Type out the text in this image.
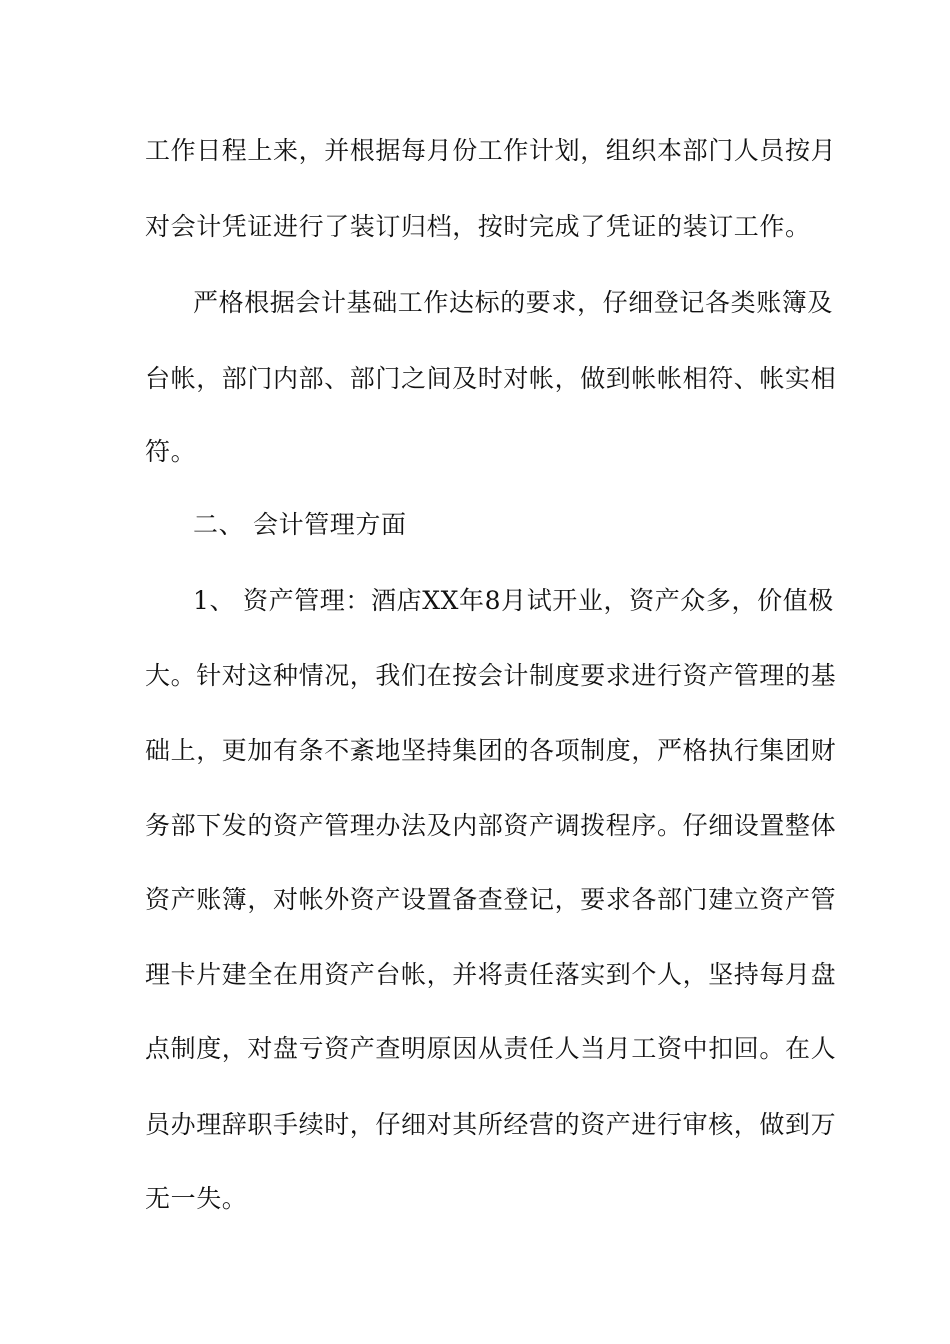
工作日程上来，并根据每月份工作计划，组织本部门人员按月
对会计凭证进行了装订归档，按时完成了凭证的装订工作。
严格根据会计基础工作达标的要求，仔细登记各类账簿及
台帐，部门内部、部门之间及时对帐，做到帐帐相符、帐实相
符。
二、 会计管理方面
1、 资产管理：酒店XX年8月试开业，资产众多，价值极
大。针对这种情况，我们在按会计制度要求进行资产管理的基
础上，更加有条不紊地坚持集团的各项制度，严格执行集团财
务部下发的资产管理办法及内部资产调拨程序。仔细设置整体
资产账簿，对帐外资产设置备查登记，要求各部门建立资产管
理卡片建全在用资产台帐，并将责任落实到个人，坚持每月盘
点制度，对盘亏资产查明原因从责任人当月工资中扣回。在人
员办理辞职手续时，仔细对其所经营的资产进行审核，做到万
无一失。
